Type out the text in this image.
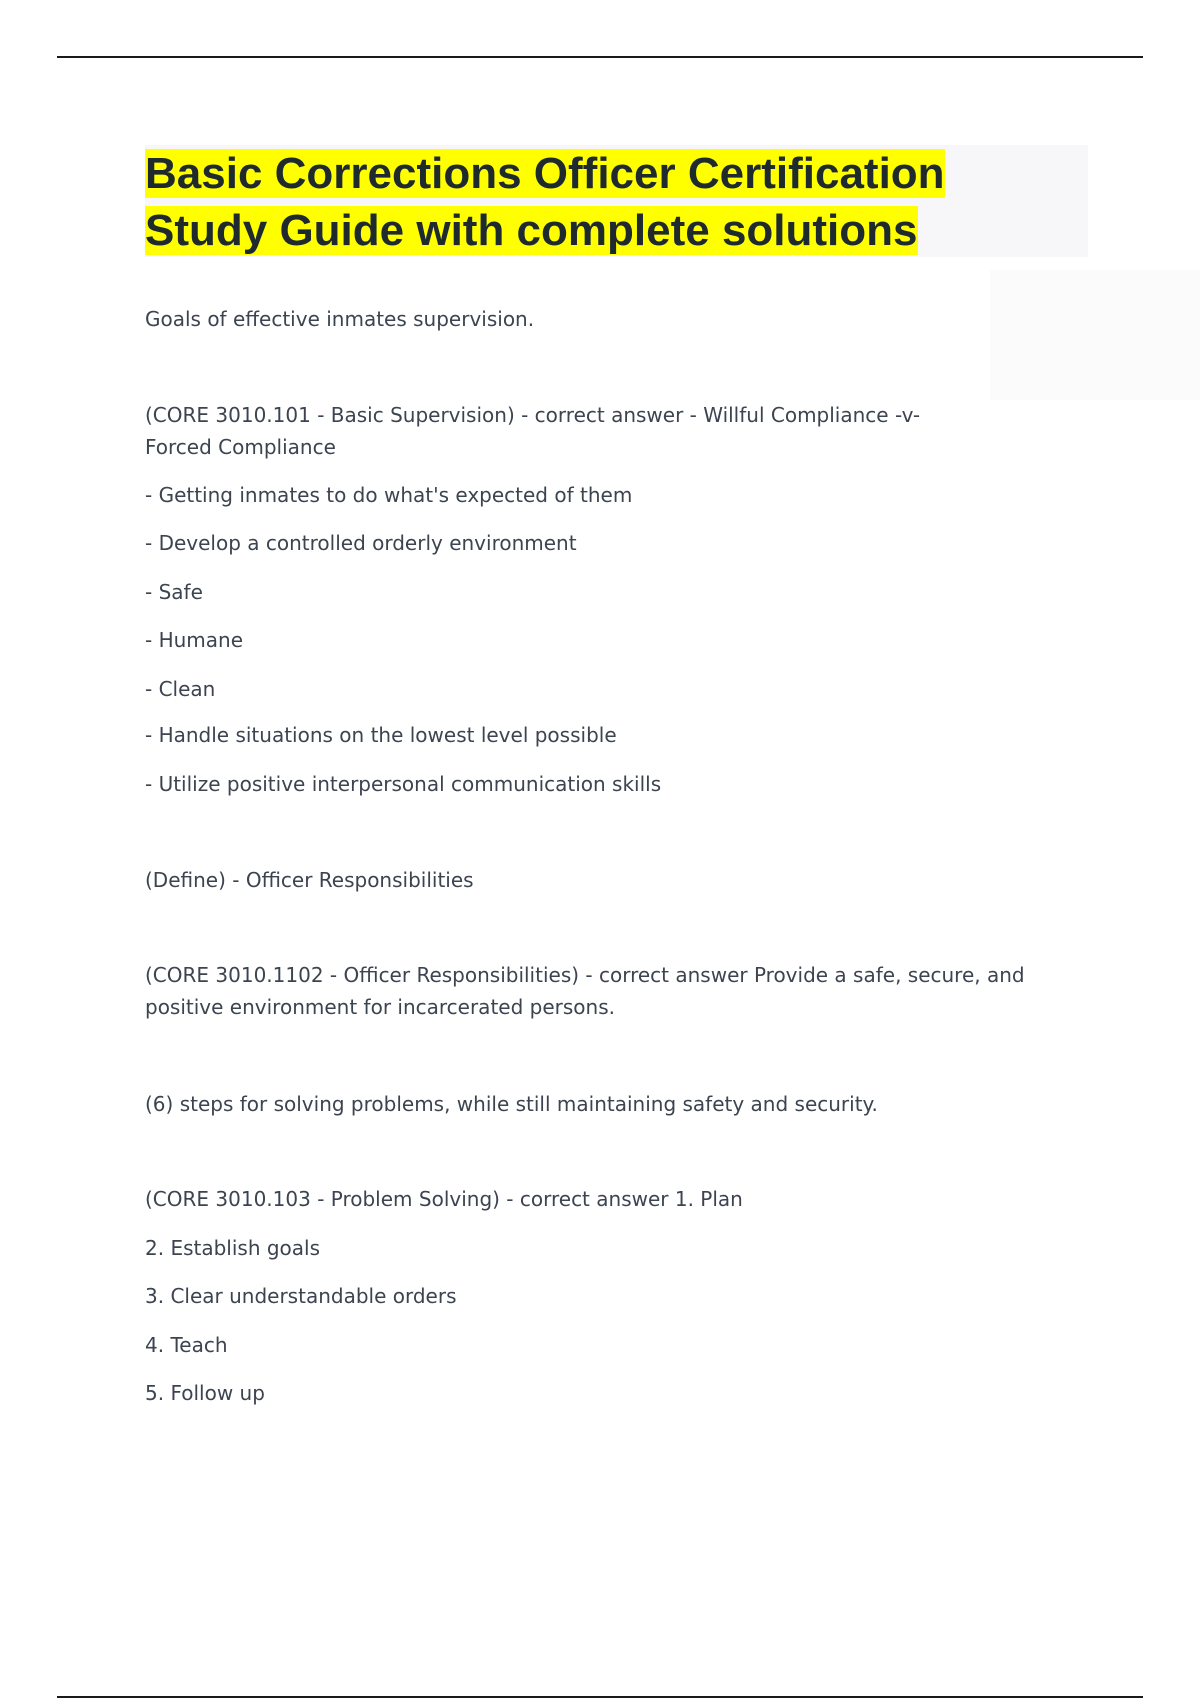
Basic Corrections Officer Certification
Study Guide with complete solutions

Goals of effective inmates supervision.

(CORE 3010.101 - Basic Supervision) - correct answer - Willful Compliance -v- Forced Compliance

- Getting inmates to do what's expected of them

- Develop a controlled orderly environment

- Safe

- Humane

- Clean

- Handle situations on the lowest level possible

- Utilize positive interpersonal communication skills

(Define) - Officer Responsibilities

(CORE 3010.1102 - Officer Responsibilities) - correct answer Provide a safe, secure, and positive environment for incarcerated persons.

(6) steps for solving problems, while still maintaining safety and security.

(CORE 3010.103 - Problem Solving) - correct answer 1. Plan

2. Establish goals

3. Clear understandable orders

4. Teach

5. Follow up
